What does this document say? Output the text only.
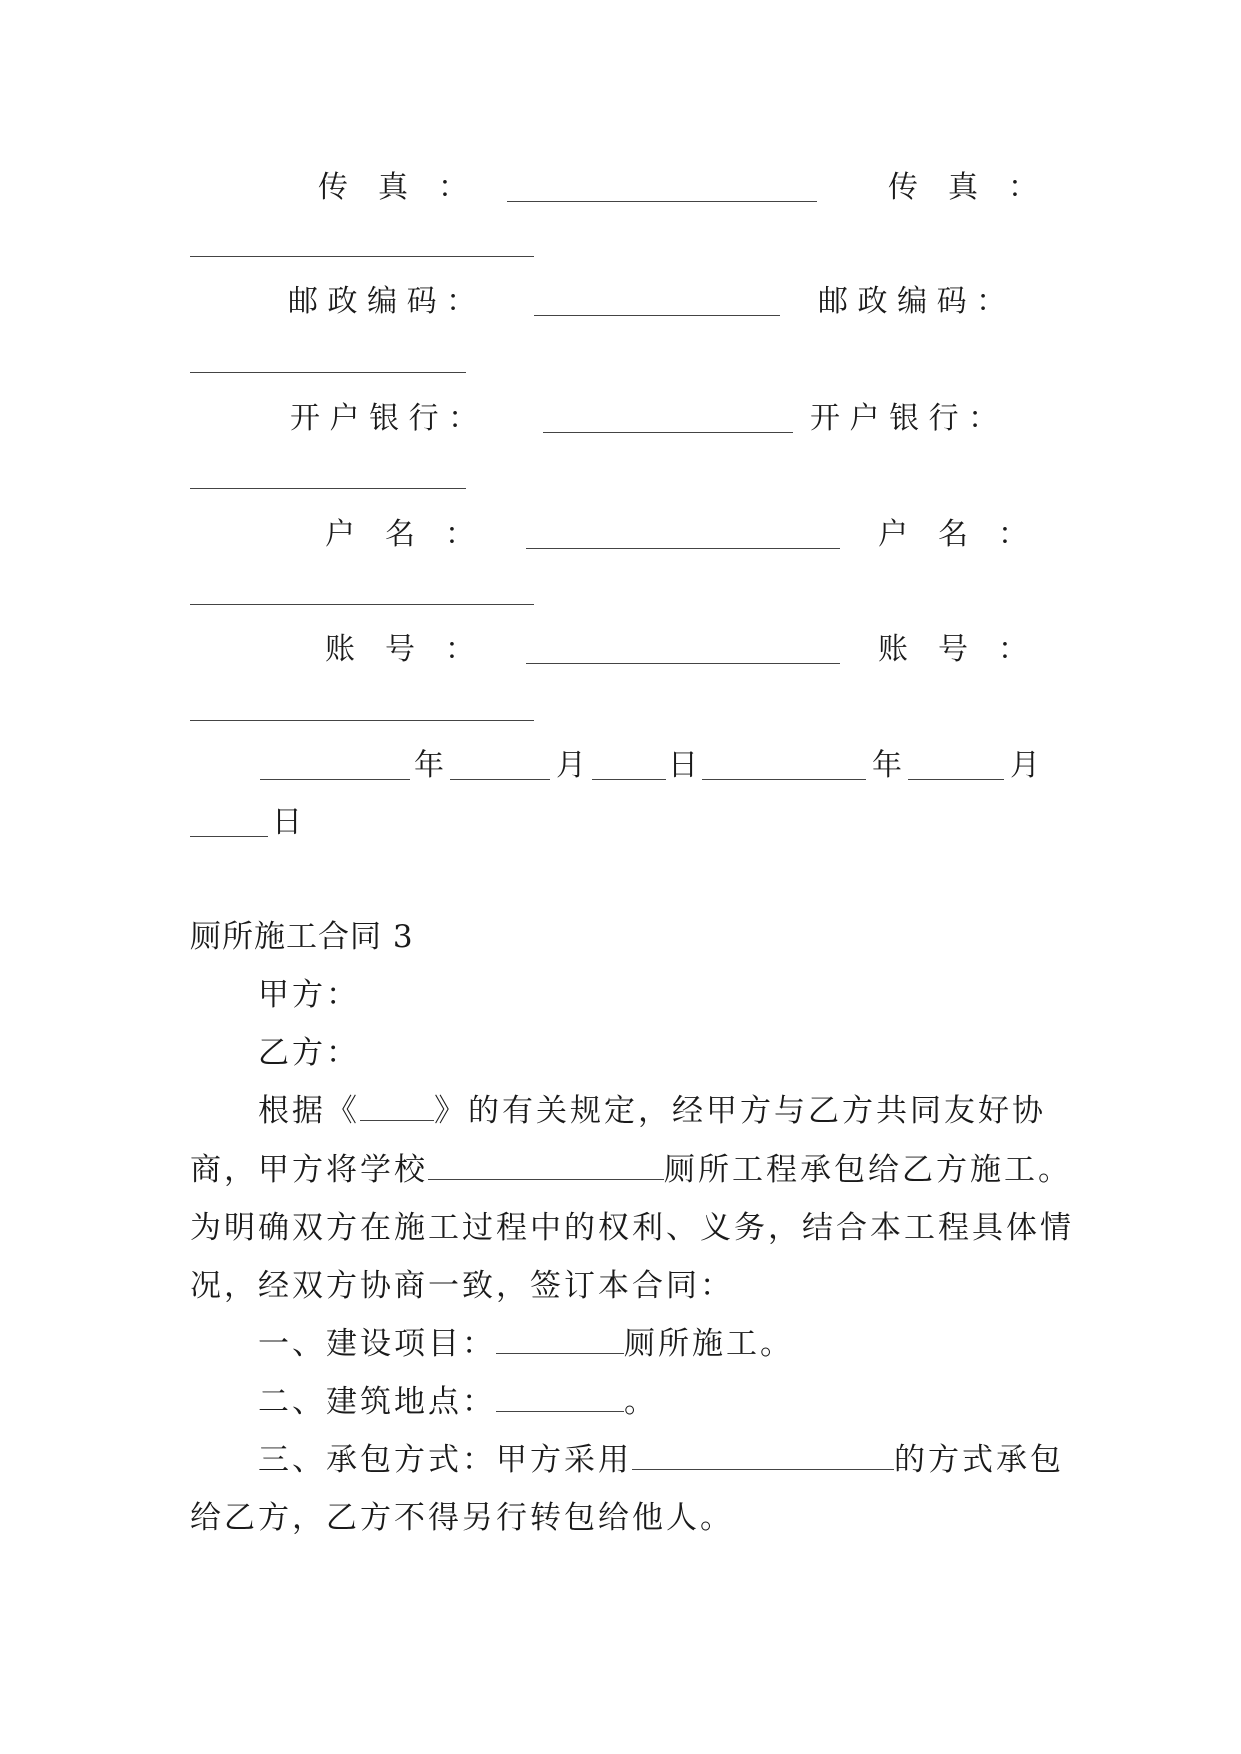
传　真　：	传　真　：
邮 政 编 码 ：	邮 政 编 码 ：
开 户 银 行 ：	开 户 银 行 ：
户　名　：	户　名　：
账　号　：	账　号　：
年	月	日	年	月
日
厕所施工合同 3
甲方：
乙方：
根据《 》的有关规定，经甲方与乙方共同友好协
商，甲方将学校	厕所工程承包给乙方施工。
为明确双方在施工过程中的权利、义务，结合本工程具体情
况，经双方协商一致，签订本合同：
一、建设项目：	厕所施工。
二、建筑地点：	。
三、承包方式：甲方采用	的方式承包
给乙方，乙方不得另行转包给他人。
